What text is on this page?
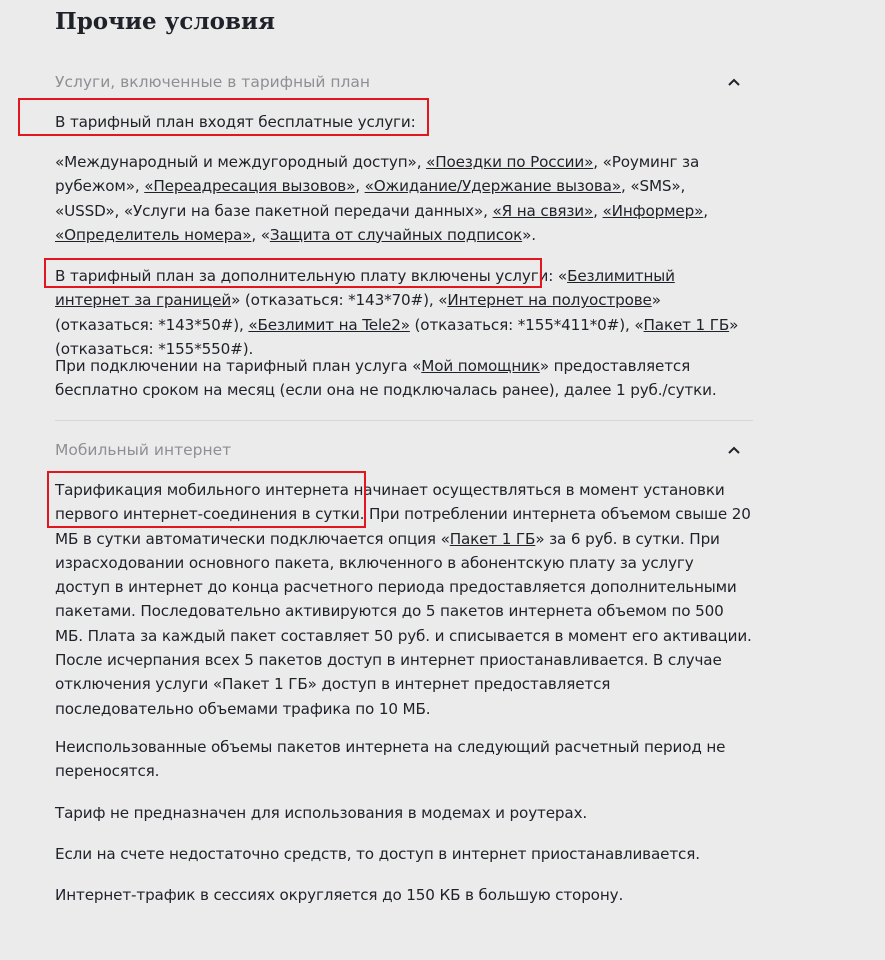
Прочие условия
Услуги, включенные в тарифный план

В тарифный план входят бесплатные услуги:

«Международный и междугородный доступ», «Поездки по России», «Роуминг за рубежом», «Переадресация вызовов», «Ожидание/Удержание вызова», «SMS», «USSD», «Услуги на базе пакетной передачи данных», «Я на связи», «Информер», «Определитель номера», «Защита от случайных подписок».

В тарифный план за дополнительную плату включены услуги: «Безлимитный интернет за границей» (отказаться: *143*70#), «Интернет на полуострове» (отказаться: *143*50#), «Безлимит на Tele2» (отказаться: *155*411*0#), «Пакет 1 ГБ» (отказаться: *155*550#).

При подключении на тарифный план услуга «Мой помощник» предоставляется бесплатно сроком на месяц (если она не подключалась ранее), далее 1 руб./сутки.

Мобильный интернет

Тарификация мобильного интернета начинает осуществляться в момент установки первого интернет-соединения в сутки. При потреблении интернета объемом свыше 20 МБ в сутки автоматически подключается опция «Пакет 1 ГБ» за 6 руб. в сутки. При израсходовании основного пакета, включенного в абонентскую плату за услугу доступ в интернет до конца расчетного периода предоставляется дополнительными пакетами. Последовательно активируются до 5 пакетов интернета объемом по 500 МБ. Плата за каждый пакет составляет 50 руб. и списывается в момент его активации. После исчерпания всех 5 пакетов доступ в интернет приостанавливается. В случае отключения услуги «Пакет 1 ГБ» доступ в интернет предоставляется последовательно объемами трафика по 10 МБ.

Неиспользованные объемы пакетов интернета на следующий расчетный период не переносятся.

Тариф не предназначен для использования в модемах и роутерах.

Если на счете недостаточно средств, то доступ в интернет приостанавливается.

Интернет-трафик в сессиях округляется до 150 КБ в большую сторону.
